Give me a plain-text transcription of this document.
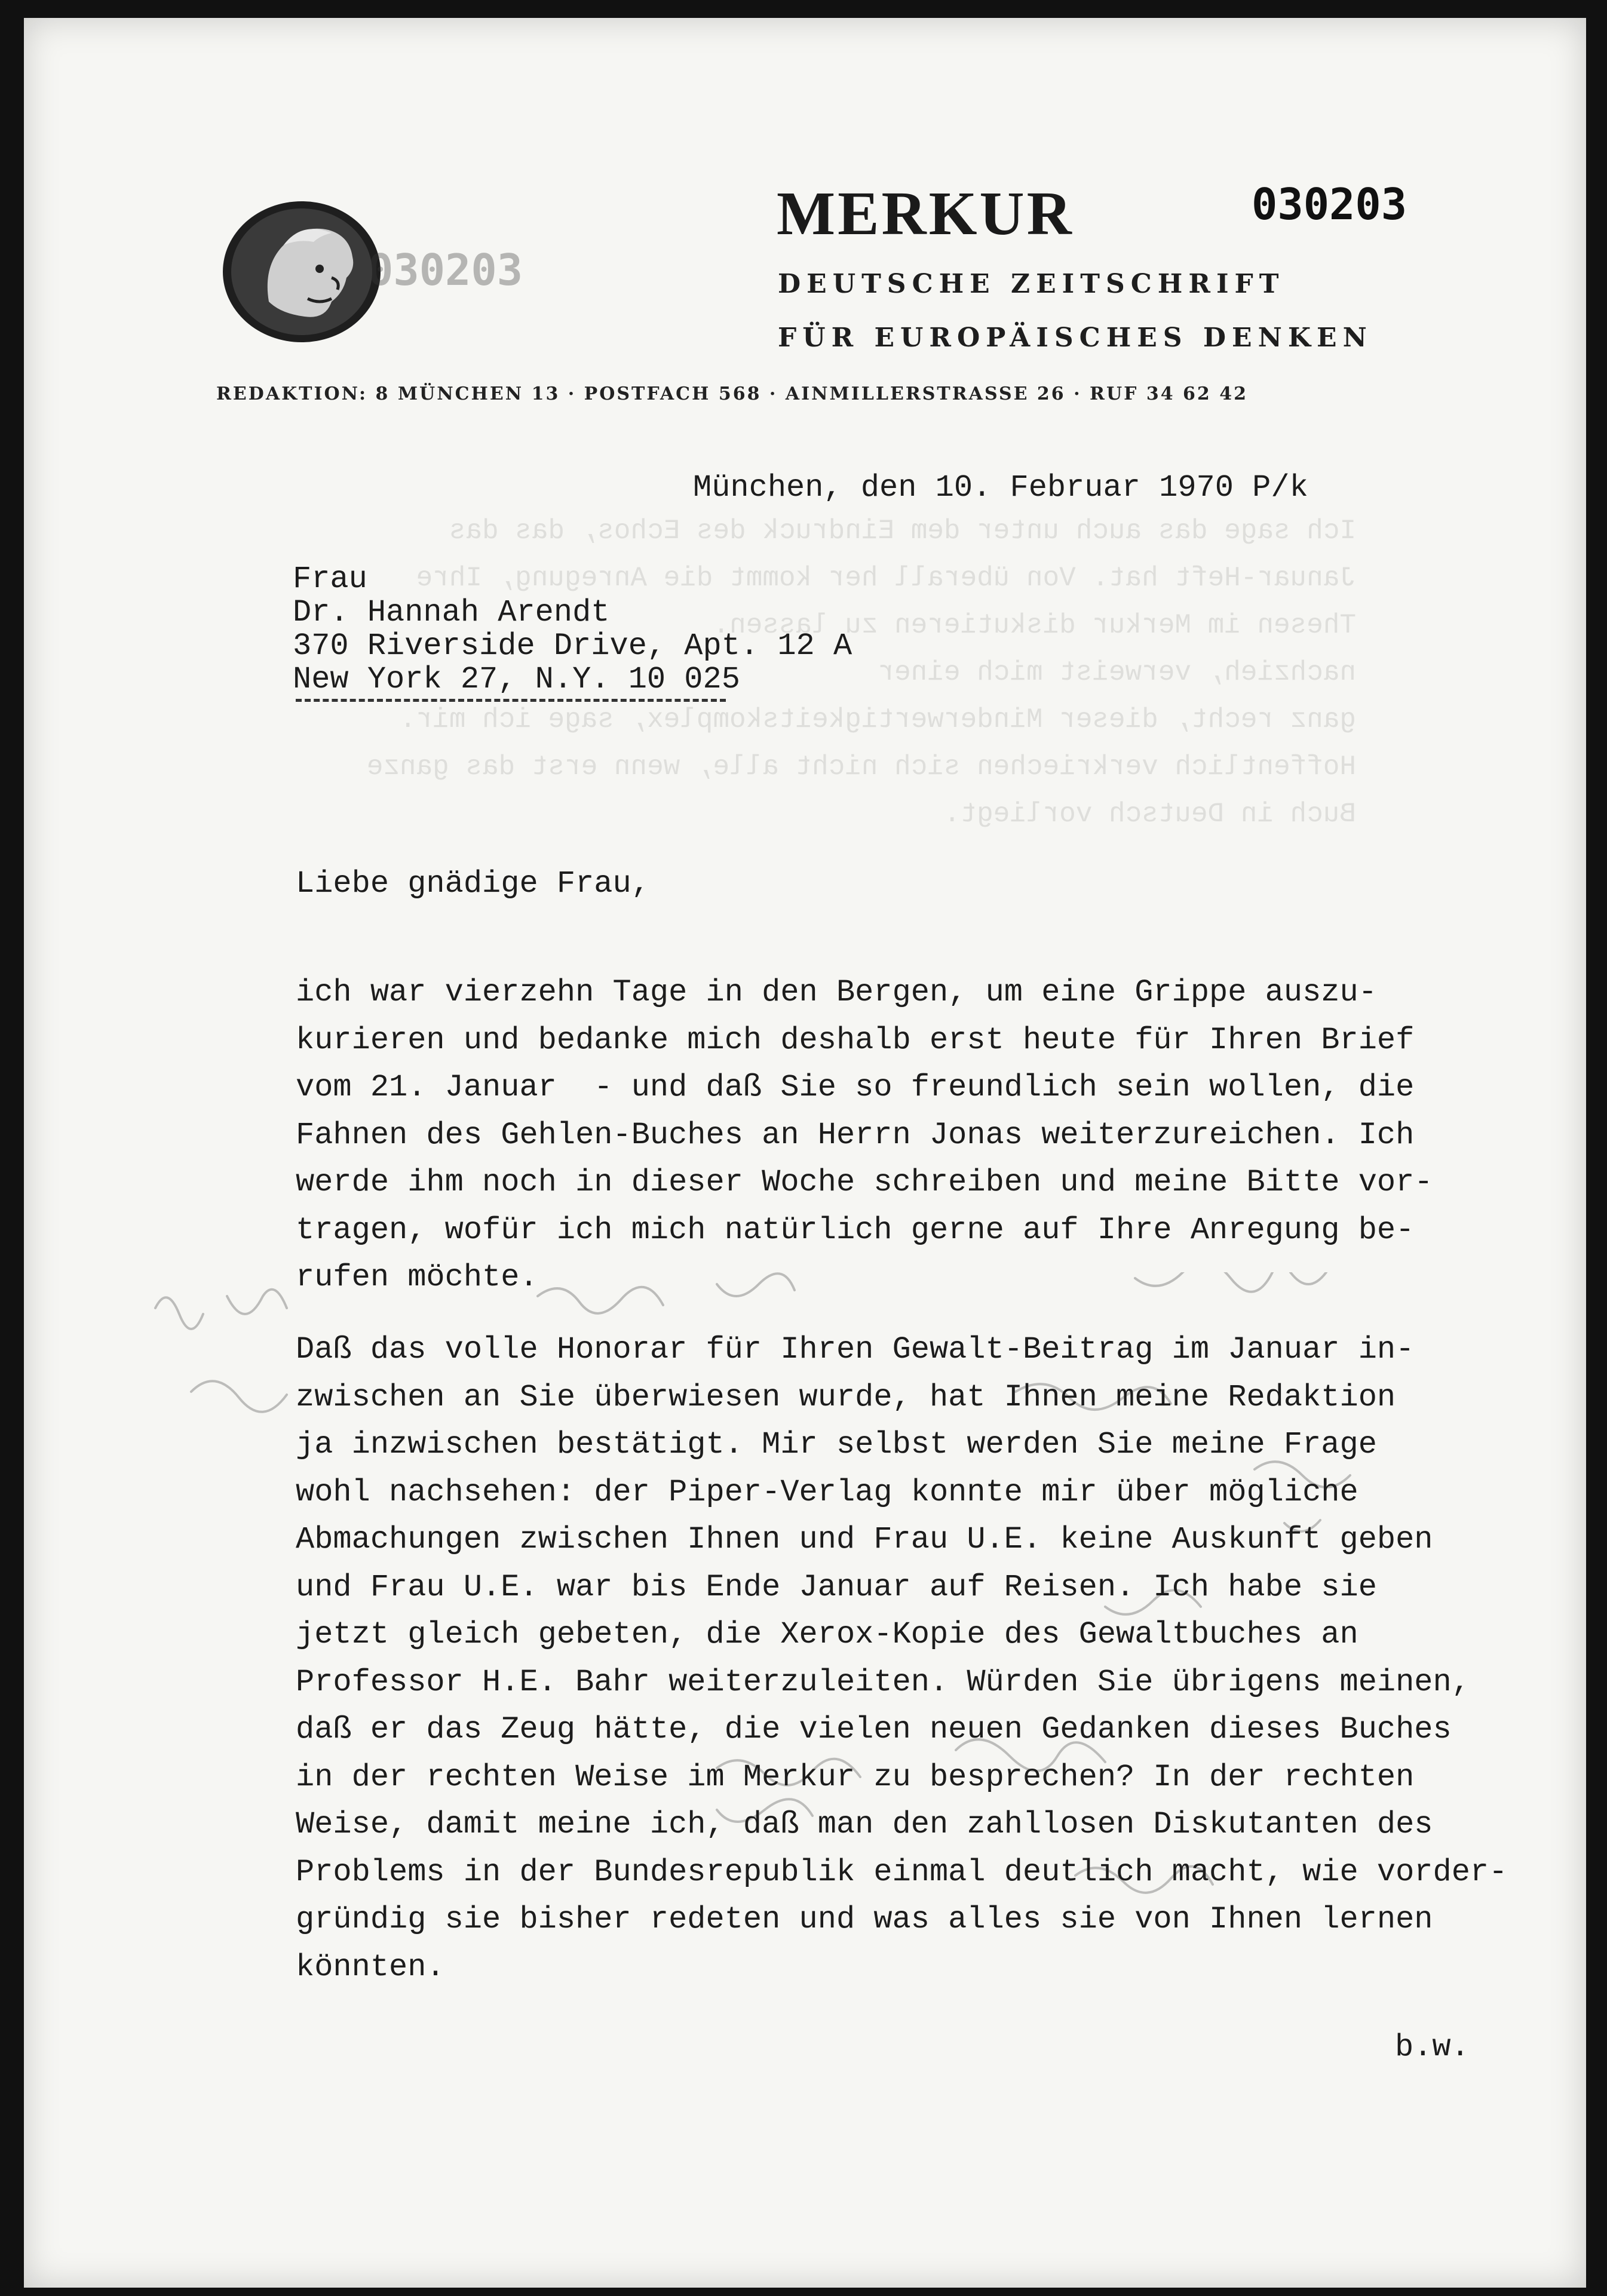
Ich sage das auch unter dem Eindruck des Echos, das das
Januar-Heft hat. Von überall her kommt die Anregung, Ihre
Thesen im Merkur diskutieren zu lassen.
nachzieh, verweist mich einer
ganz recht, dieser Minderwertigkeitskomplex, sage ich mir.
Hoffentlich verkriechen sich nicht alle, wenn erst das ganze
Buch in Deutsch vorliegt.
030203
MERKUR	030203
DEUTSCHE ZEITSCHRIFT
FÜR EUROPÄISCHES DENKEN
REDAKTION: 8 MÜNCHEN 13 · POSTFACH 568 · AINMILLERSTRASSE 26 · RUF 34 62 42
München, den 10. Februar 1970 P/k
Frau
Dr. Hannah Arendt
370 Riverside Drive, Apt. 12 A
New York 27, N.Y. 10 025
Liebe gnädige Frau,
ich war vierzehn Tage in den Bergen, um eine Grippe auszu-
kurieren und bedanke mich deshalb erst heute für Ihren Brief
vom 21. Januar  - und daß Sie so freundlich sein wollen, die
Fahnen des Gehlen-Buches an Herrn Jonas weiterzureichen. Ich
werde ihm noch in dieser Woche schreiben und meine Bitte vor-
tragen, wofür ich mich natürlich gerne auf Ihre Anregung be-
rufen möchte.
Daß das volle Honorar für Ihren Gewalt-Beitrag im Januar in-
zwischen an Sie überwiesen wurde, hat Ihnen meine Redaktion
ja inzwischen bestätigt. Mir selbst werden Sie meine Frage
wohl nachsehen: der Piper-Verlag konnte mir über mögliche
Abmachungen zwischen Ihnen und Frau U.E. keine Auskunft geben
und Frau U.E. war bis Ende Januar auf Reisen. Ich habe sie
jetzt gleich gebeten, die Xerox-Kopie des Gewaltbuches an
Professor H.E. Bahr weiterzuleiten. Würden Sie übrigens meinen,
daß er das Zeug hätte, die vielen neuen Gedanken dieses Buches
in der rechten Weise im Merkur zu besprechen? In der rechten
Weise, damit meine ich, daß man den zahllosen Diskutanten des
Problems in der Bundesrepublik einmal deutlich macht, wie vorder-
gründig sie bisher redeten und was alles sie von Ihnen lernen
könnten.
b.w.
